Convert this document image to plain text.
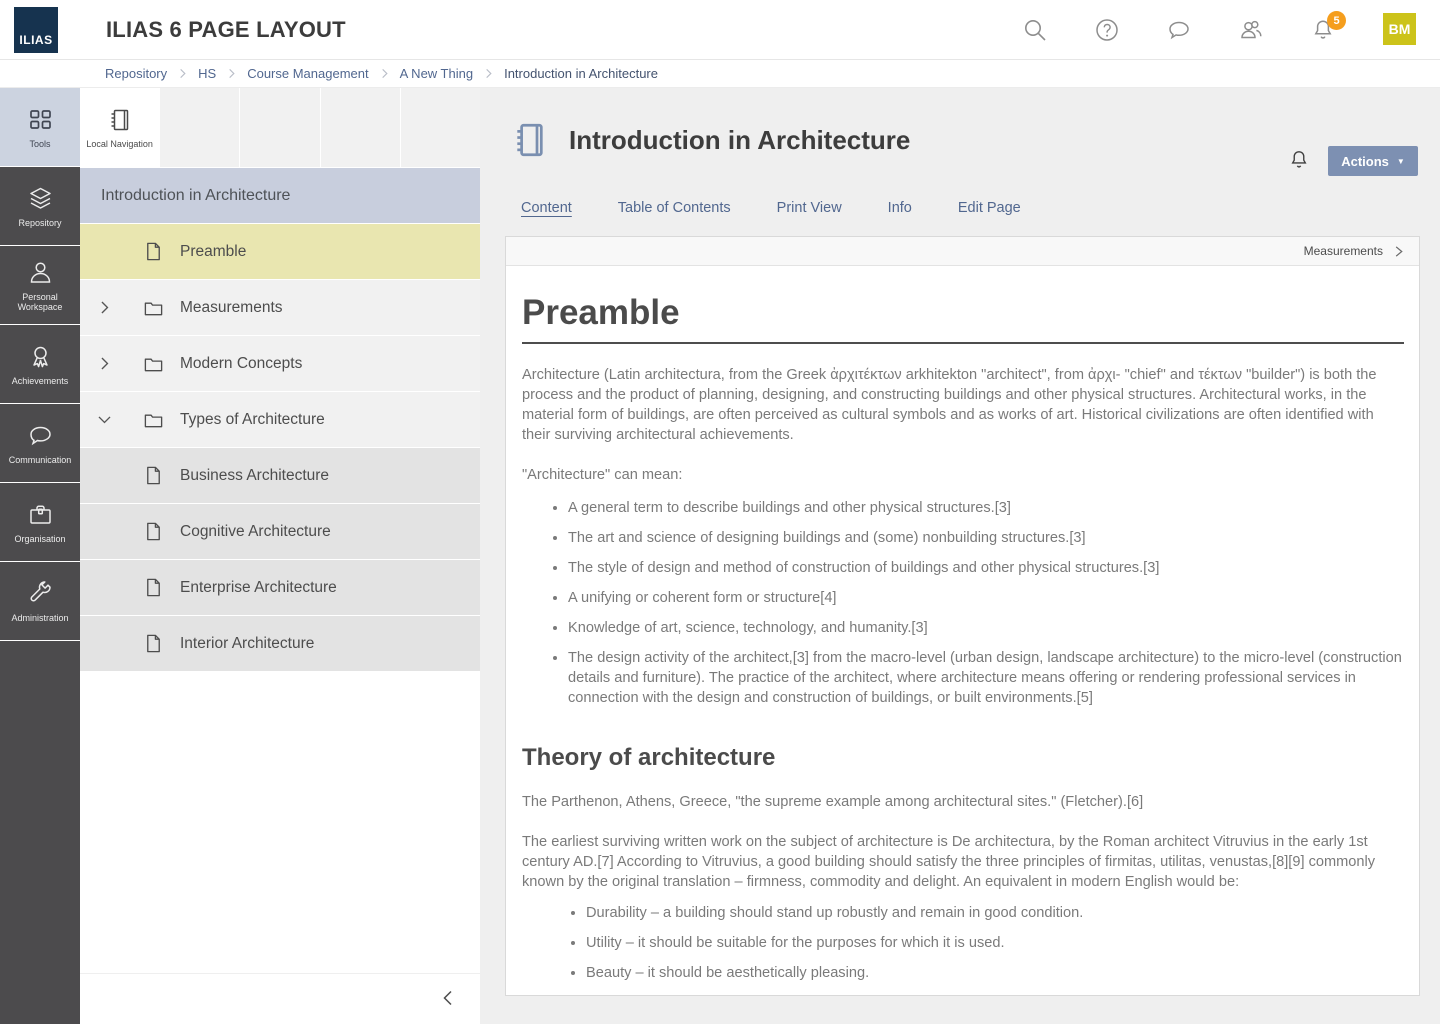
ILIAS ILIAS 6 PAGE LAYOUT	5
BM
Repository HS Course Management A New Thing Introduction in Architecture
Tools
Repository
Personal Workspace
Achievements
Communication
Organisation
Administration
Local Navigation
Introduction in Architecture
Preamble
Measurements
Modern Concepts
Types of Architecture
Business Architecture
Cognitive Architecture
Enterprise Architecture
Interior Architecture
Introduction in Architecture
Actions ▼
Content	Table of Contents	Print View	Info	Edit Page
Measurements
Preamble

Architecture (Latin architectura, from the Greek ἀρχιτέκτων arkhitekton "architect", from ἀρχι- "chief" and τέκτων "builder") is both the process and the product of planning, designing, and constructing buildings and other physical structures. Architectural works, in the material form of buildings, are often perceived as cultural symbols and as works of art. Historical civilizations are often identified with their surviving architectural achievements.

"Architecture" can mean:

• A general term to describe buildings and other physical structures.[3]
• The art and science of designing buildings and (some) nonbuilding structures.[3]
• The style of design and method of construction of buildings and other physical structures.[3]
• A unifying or coherent form or structure[4]
• Knowledge of art, science, technology, and humanity.[3]
• The design activity of the architect,[3] from the macro-level (urban design, landscape architecture) to the micro-level (construction details and furniture). The practice of the architect, where architecture means offering or rendering professional services in connection with the design and construction of buildings, or built environments.[5]
Theory of architecture

The Parthenon, Athens, Greece, "the supreme example among architectural sites." (Fletcher).[6]

The earliest surviving written work on the subject of architecture is De architectura, by the Roman architect Vitruvius in the early 1st century AD.[7] According to Vitruvius, a good building should satisfy the three principles of firmitas, utilitas, venustas,[8][9] commonly known by the original translation – firmness, commodity and delight. An equivalent in modern English would be:

• Durability – a building should stand up robustly and remain in good condition.
• Utility – it should be suitable for the purposes for which it is used.
• Beauty – it should be aesthetically pleasing.
